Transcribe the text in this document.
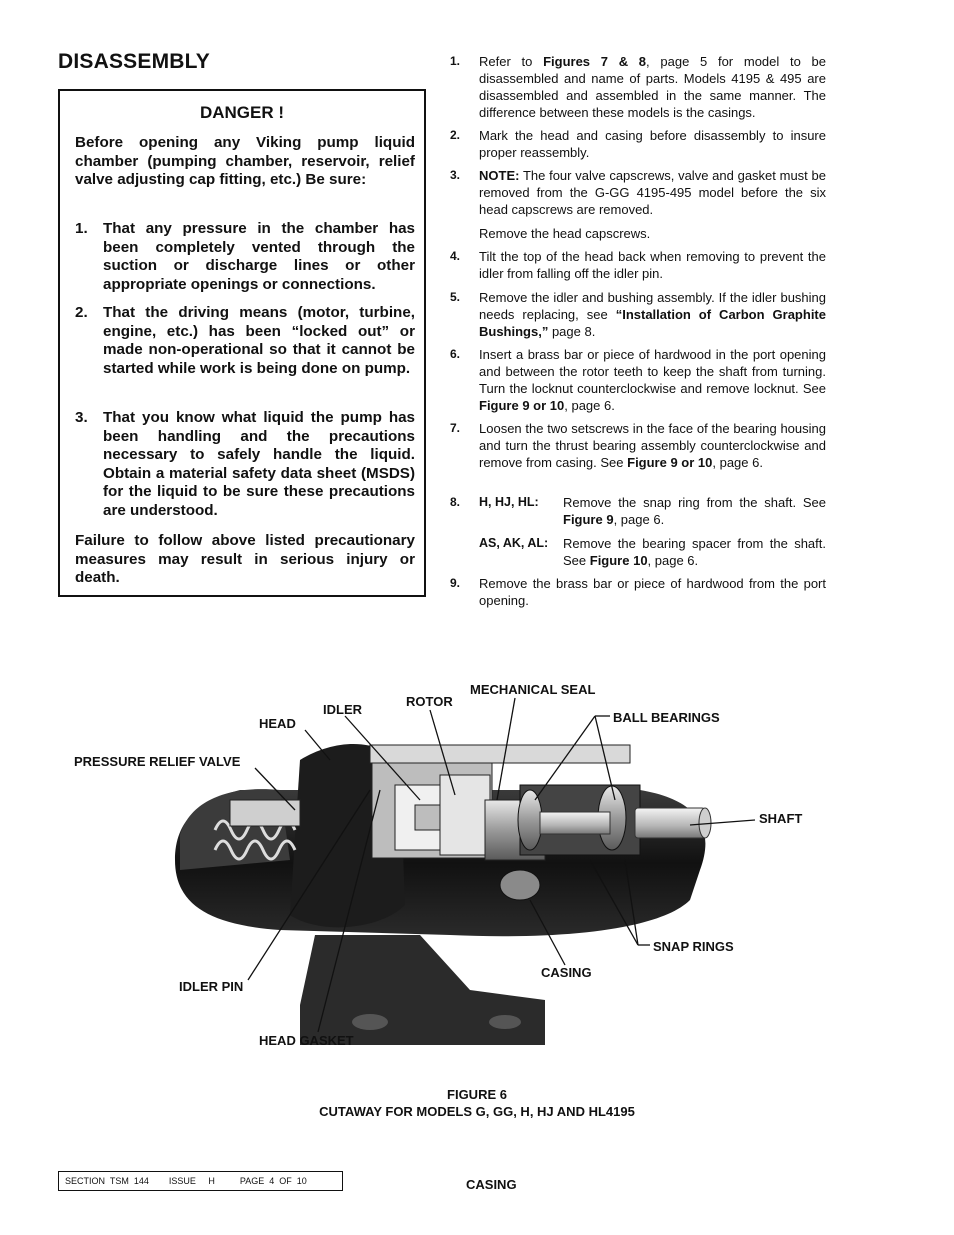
DISASSEMBLY
DANGER !
Before opening any Viking pump liquid chamber (pumping chamber, reservoir, relief valve adjusting cap fitting, etc.) Be sure:
1. That any pressure in the chamber has been completely vented through the suction or discharge lines or other appropriate openings or connections.
2. That the driving means (motor, turbine, engine, etc.) has been “locked out” or made non-operational so that it cannot be started while work is being done on pump.
3. That you know what liquid the pump has been handling and the precautions necessary to safely handle the liquid. Obtain a material safety data sheet (MSDS) for the liquid to be sure these precautions are understood.
Failure to follow above listed precautionary measures may result in serious injury or death.
1. Refer to Figures 7 & 8, page 5 for model to be disassembled and name of parts. Models 4195 & 495 are disassembled and assembled in the same manner. The difference between these models is the casings.
2. Mark the head and casing before disassembly to insure proper reassembly.
3. NOTE: The four valve capscrews, valve and gasket must be removed from the G-GG 4195-495 model before the six head capscrews are removed.
Remove the head capscrews.
4. Tilt the top of the head back when removing to prevent the idler from falling off the idler pin.
5. Remove the idler and bushing assembly. If the idler bushing needs replacing, see “Installation of Carbon Graphite Bushings,” page 8.
6. Insert a brass bar or piece of hardwood in the port opening and between the rotor teeth to keep the shaft from turning. Turn the locknut counterclockwise and remove locknut. See Figure 9 or 10, page 6.
7. Loosen the two setscrews in the face of the bearing housing and turn the thrust bearing assembly counterclockwise and remove from casing. See Figure 9 or 10, page 6.
8. H, HJ, HL:	Remove the snap ring from the shaft. See Figure 9, page 6.
AS, AK, AL:	Remove the bearing spacer from the shaft. See Figure 10, page 6.
9. Remove the brass bar or piece of hardwood from the port opening.
MECHANICAL SEAL
ROTOR
IDLER
HEAD	BALL BEARINGS
PRESSURE RELIEF VALVE
SHAFT
SNAP RINGS
CASING
IDLER PIN
HEAD GASKET
FIGURE 6
CUTAWAY FOR MODELS G, GG, H, HJ AND HL4195
SECTION  TSM  144        ISSUE     H          PAGE  4  OF  10	CASING
